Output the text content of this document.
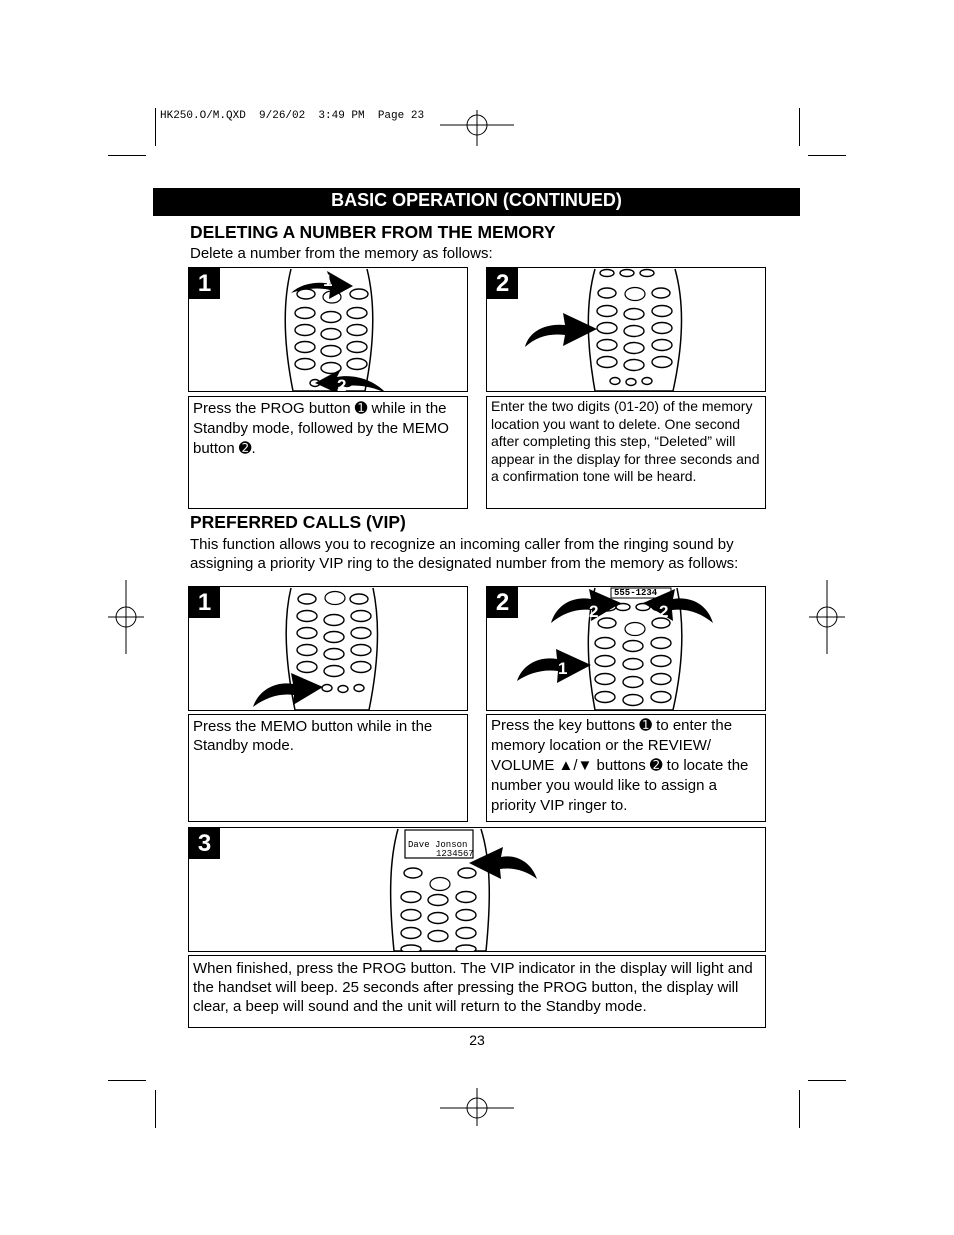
HK250.O/M.QXD  9/26/02  3:49 PM  Page 23
BASIC OPERATION (CONTINUED)
DELETING A NUMBER FROM THE MEMORY
Delete a number from the memory as follows:
1	1
2
2
Press the PROG button ➊ while in the Standby mode, followed by the MEMO button ➋.
Enter the two digits (01-20) of the memory location you want to delete. One second after completing this step, “Deleted” will appear in the display for three seconds and a confirmation tone will be heard.
PREFERRED CALLS (VIP)
This function allows you to recognize an incoming caller from the ringing sound by assigning a priority VIP ring to the designated number from the memory as follows:
1	2	555-1234
2	2
1
Press the MEMO button while in the Standby mode.
Press the key buttons ➊ to enter the memory location or the REVIEW/ VOLUME ▲/▼ buttons ➋ to locate the number you would like to assign a priority VIP ringer to.
3	Dave Jonson
1234567
When finished, press the PROG button. The VIP indicator in the display will light and the handset will beep. 25 seconds after pressing the PROG button, the display will clear, a beep will sound and the unit will return to the Standby mode.
23
